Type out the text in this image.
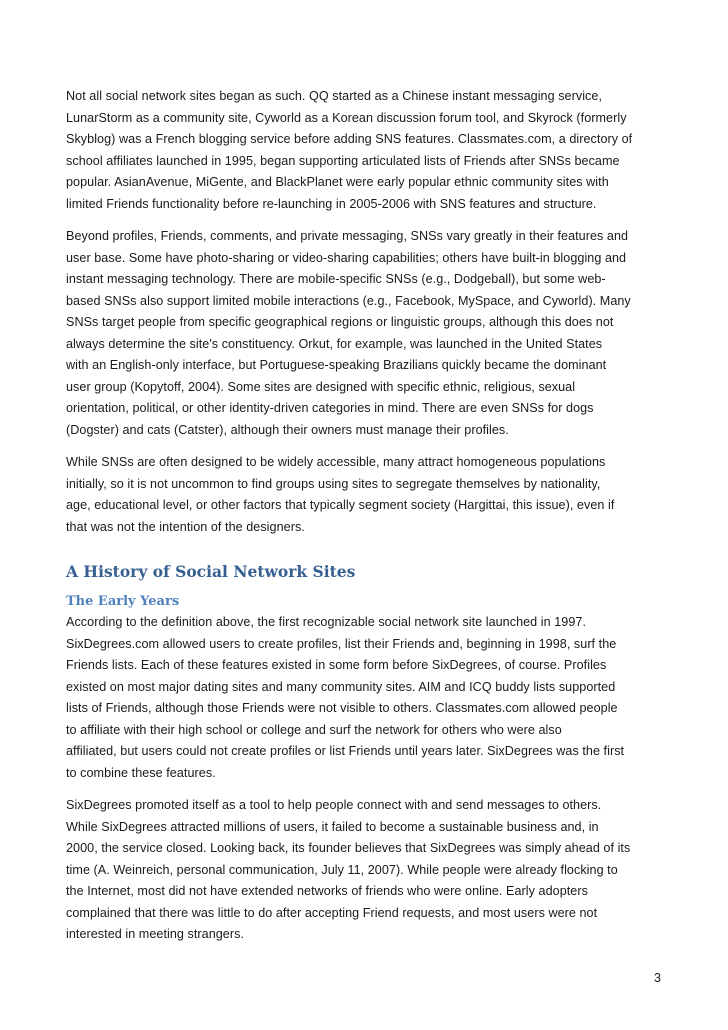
Not all social network sites began as such. QQ started as a Chinese instant messaging service,
LunarStorm as a community site, Cyworld as a Korean discussion forum tool, and Skyrock (formerly
Skyblog) was a French blogging service before adding SNS features. Classmates.com, a directory of
school affiliates launched in 1995, began supporting articulated lists of Friends after SNSs became
popular. AsianAvenue, MiGente, and BlackPlanet were early popular ethnic community sites with
limited Friends functionality before re-launching in 2005-2006 with SNS features and structure.

Beyond profiles, Friends, comments, and private messaging, SNSs vary greatly in their features and
user base. Some have photo-sharing or video-sharing capabilities; others have built-in blogging and
instant messaging technology. There are mobile-specific SNSs (e.g., Dodgeball), but some web-
based SNSs also support limited mobile interactions (e.g., Facebook, MySpace, and Cyworld). Many
SNSs target people from specific geographical regions or linguistic groups, although this does not
always determine the site's constituency. Orkut, for example, was launched in the United States
with an English-only interface, but Portuguese-speaking Brazilians quickly became the dominant
user group (Kopytoff, 2004). Some sites are designed with specific ethnic, religious, sexual
orientation, political, or other identity-driven categories in mind. There are even SNSs for dogs
(Dogster) and cats (Catster), although their owners must manage their profiles.

While SNSs are often designed to be widely accessible, many attract homogeneous populations
initially, so it is not uncommon to find groups using sites to segregate themselves by nationality,
age, educational level, or other factors that typically segment society (Hargittai, this issue), even if
that was not the intention of the designers.

A History of Social Network Sites
The Early Years

According to the definition above, the first recognizable social network site launched in 1997.
SixDegrees.com allowed users to create profiles, list their Friends and, beginning in 1998, surf the
Friends lists. Each of these features existed in some form before SixDegrees, of course. Profiles
existed on most major dating sites and many community sites. AIM and ICQ buddy lists supported
lists of Friends, although those Friends were not visible to others. Classmates.com allowed people
to affiliate with their high school or college and surf the network for others who were also
affiliated, but users could not create profiles or list Friends until years later. SixDegrees was the first
to combine these features.

SixDegrees promoted itself as a tool to help people connect with and send messages to others.
While SixDegrees attracted millions of users, it failed to become a sustainable business and, in
2000, the service closed. Looking back, its founder believes that SixDegrees was simply ahead of its
time (A. Weinreich, personal communication, July 11, 2007). While people were already flocking to
the Internet, most did not have extended networks of friends who were online. Early adopters
complained that there was little to do after accepting Friend requests, and most users were not
interested in meeting strangers.

3
